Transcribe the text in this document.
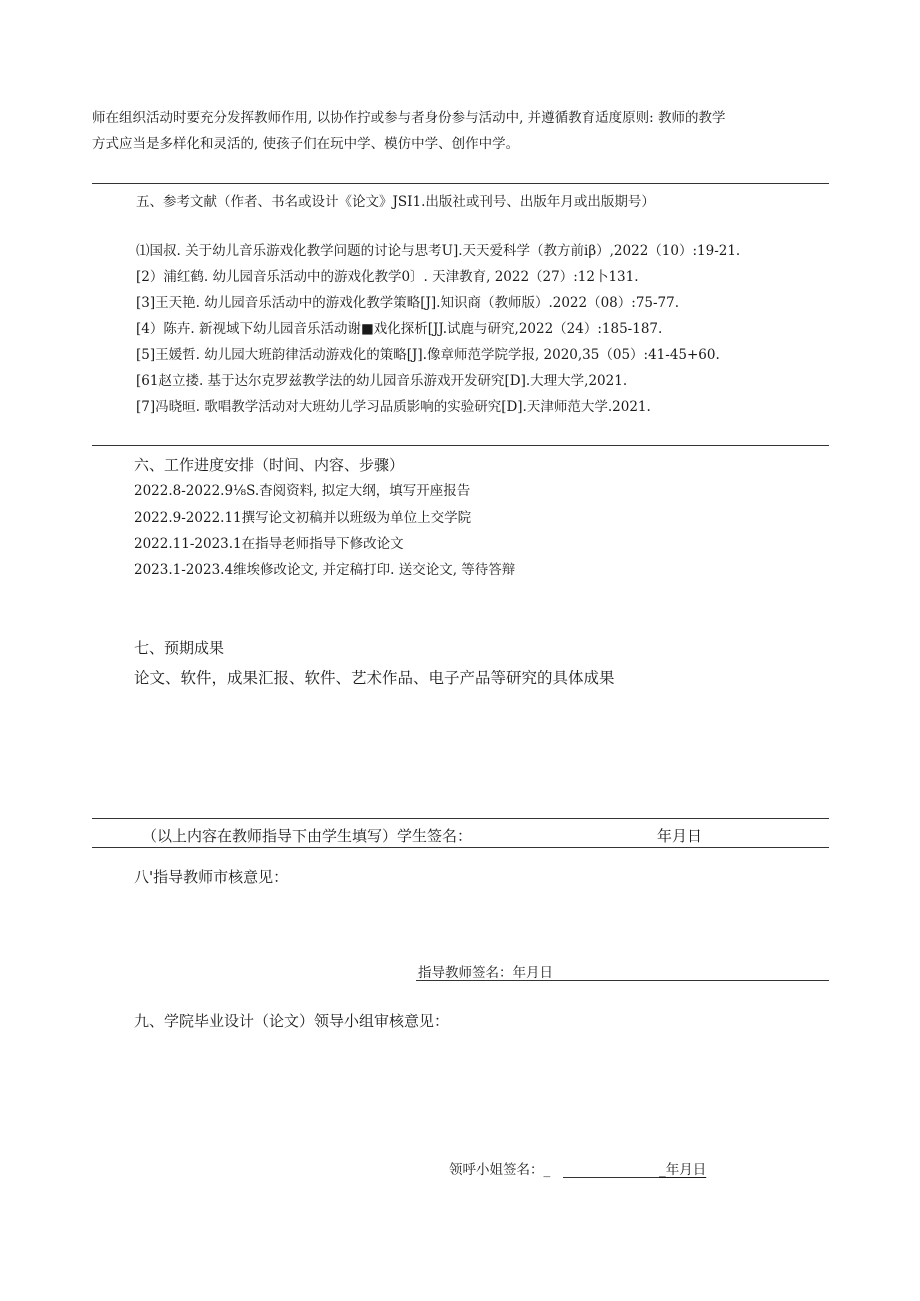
师在组织活动时要充分发挥教师作用, 以协作拧或参与者身份参与活动中, 并遵循教育适度原则: 教师的教学
方式应当是多样化和灵活的, 使孩子们在玩中学、模仿中学、创作中学。
五、参考文献（作者、书名或设计《论文》JSI1.出版社或刊号、出版年月或出版期号）
⑴国叔. 关于幼儿音乐游戏化教学问题的讨论与思考U].天天爱科学（教方前iβ）,2022（10）:19-21.
[2）浦红鹤. 幼儿园音乐活动中的游戏化教学0〕. 天津教育, 2022（27）:12卜131.
[3]王天艳. 幼儿园音乐活动中的游戏化教学策略[J].知识商（教师版）.2022（08）:75-77.
[4）陈卉. 新视域下幼儿园音乐活动谢■戏化探析[JJ.试鹿与研究,2022（24）:185-187.
[5]王媛哲. 幼儿园大班韵律活动游戏化的策略[J].像章师范学院学报, 2020,35（05）:41-45+60.
[61赵立搂. 基于达尔克罗兹教学法的幼儿园音乐游戏开发研究[D].大理大学,2021.
[7]冯晓晅. 歌唱教学活动对大班幼儿学习品质影响的实验研究[D].天津师范大学.2021.
六、工作进度安排（时间、内容、步骤）
2022.8-2022.9⅛S.杳阅资料, 拟定大纲，填写开座报告
2022.9-2022.11撰写论文初稿并以班级为单位上交学院
2022.11-2023.1在指导老师指导下修改论文
2023.1-2023.4维埃修改论文, 并定稿打印. 送交论文, 等待答辩
七、预期成果
论文、软件，成果汇报、软件、艺术作品、电子产品等研究的具体成果
（以上内容在教师指导下由学生填写）学生签名：	年月日
八'指导教师市核意见：
指导教师签名：年月日
九、学院毕业设计（论文）领导小组审核意见：
领呼小姐签名：_	_年月日
